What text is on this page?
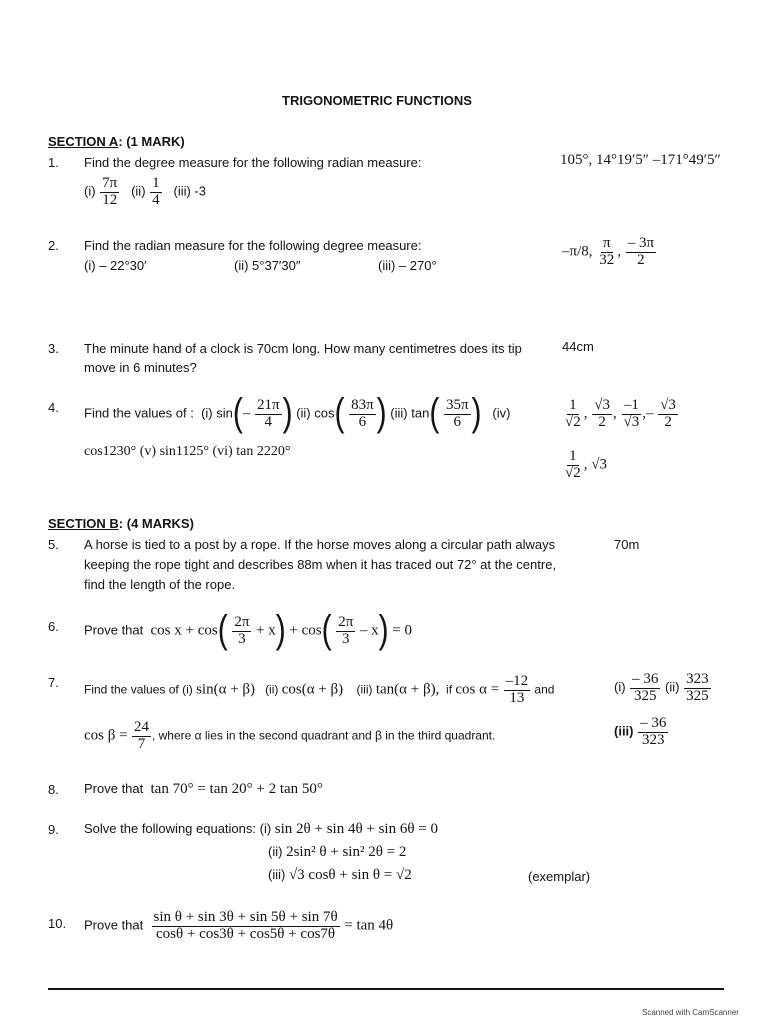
TRIGONOMETRIC FUNCTIONS
SECTION A: (1 MARK)
1. Find the degree measure for the following radian measure:
$(i) \frac{7\pi}{12} (ii) \frac{1}{4} (iii)$ -3
105°, 14°19′5″ –171°49′5″
2. Find the radian measure for the following degree measure:
(i) – 22°30′	(ii) 5°37′30″	(iii) – 270°
–π/8, $\frac{\pi}{32}$ , $\frac{- 3\pi}{2}$
3. The minute hand of a clock is 70cm long. How many centimetres does its tip
move in 6 minutes?
44cm
4. Find the values of : (i) $\sin(- \frac{21\pi}{4}$ ) (ii) $\cos( \frac{83\pi}{6}$ ) (iii) $\tan( \frac{35\pi}{6}$ ) (iv)
cos1230° (v) sin1125° (vi) tan 2220°
$\frac{1}{√2}$ , $\frac{√3}{2}$ , $\frac{-1}{√3}$ ,– $\frac{√3}{2}$
$\frac{1}{√2}$ , √3
SECTION B: (4 MARKS)
5. A horse is tied to a post by a rope. If the horse moves along a circular path always
keeping the rope tight and describes 88m when it has traced out 72° at the centre,
find the length of the rope.
70m
6. Prove that $\cos x + \cos( \frac{2\pi}{3} + x) + \cos( \frac{2\pi}{3} - x) = 0$
7. Find the values of (i) sin(α + β) (ii) cos(α + β) (iii) tan(α + β), if $\cos \alpha = \frac{-12}{13}$ and
$\cos \beta = \frac{24}{7}$ , where α lies in the second quadrant and β in the third quadrant.
$(i) \frac{- 36}{325} (ii) \frac{323}{325}$
$(iii) \frac{- 36}{323}$
8. Prove that tan 70° = tan 20° + 2 tan 50°
9. Solve the following equations: (i) sin 2θ + sin 4θ + sin 6θ = 0
(ii) 2sin² θ + sin² 2θ = 2
(iii) √3 cosθ + sin θ = √2	(exemplar)
10. Prove that $\frac{\text{sin θ + sin 3θ + sin 5θ + sin 7θ}}{\cos\theta + \cos 3\theta + \cos 5\theta + \cos 7\theta} = \tan 4\theta$
Scanned with CamScanner
